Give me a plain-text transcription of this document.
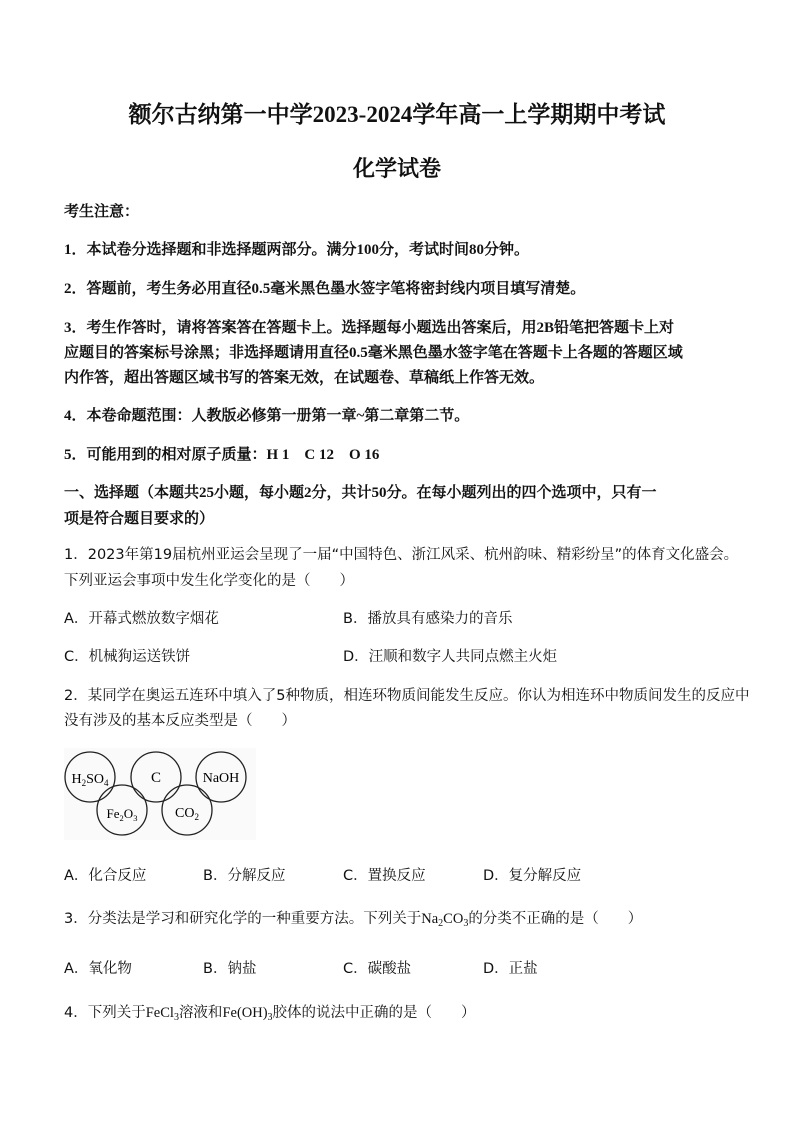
额尔古纳第一中学2023-2024学年高一上学期期中考试
化学试卷
考生注意：
1．本试卷分选择题和非选择题两部分。满分100分，考试时间80分钟。
2．答题前，考生务必用直径0.5毫米黑色墨水签字笔将密封线内项目填写清楚。
3．考生作答时，请将答案答在答题卡上。选择题每小题选出答案后，用2B铅笔把答题卡上对
应题目的答案标号涂黑；非选择题请用直径0.5毫米黑色墨水签字笔在答题卡上各题的答题区域
内作答，超出答题区域书写的答案无效，在试题卷、草稿纸上作答无效。
4．本卷命题范围：人教版必修第一册第一章~第二章第二节。
5．可能用到的相对原子质量：H 1　C 12　O 16
一、选择题（本题共25小题，每小题2分，共计50分。在每小题列出的四个选项中，只有一
项是符合题目要求的）
1．2023年第19届杭州亚运会呈现了一届“中国特色、浙江风采、杭州韵味、精彩纷呈”的体育文化盛会。
下列亚运会事项中发生化学变化的是（　　）
A．开幕式燃放数字烟花	B．播放具有感染力的音乐
C．机械狗运送铁饼	D．汪顺和数字人共同点燃主火炬
2．某同学在奥运五连环中填入了5种物质，相连环物质间能发生反应。你认为相连环中物质间发生的反应中
没有涉及的基本反应类型是（　　）
$H_2SO_4$	C	NaOH
$Fe_2O_3$	$CO_2$
A．化合反应	B．分解反应	C．置换反应	D．复分解反应
3．分类法是学习和研究化学的一种重要方法。下列关于$Na_2CO_3$的分类不正确的是（　　）
A．氧化物	B．钠盐	C．碳酸盐	D．正盐
4．下列关于FeCl$_3$溶液和$Fe(OH)_3$胶体的说法中正确的是（　　）
